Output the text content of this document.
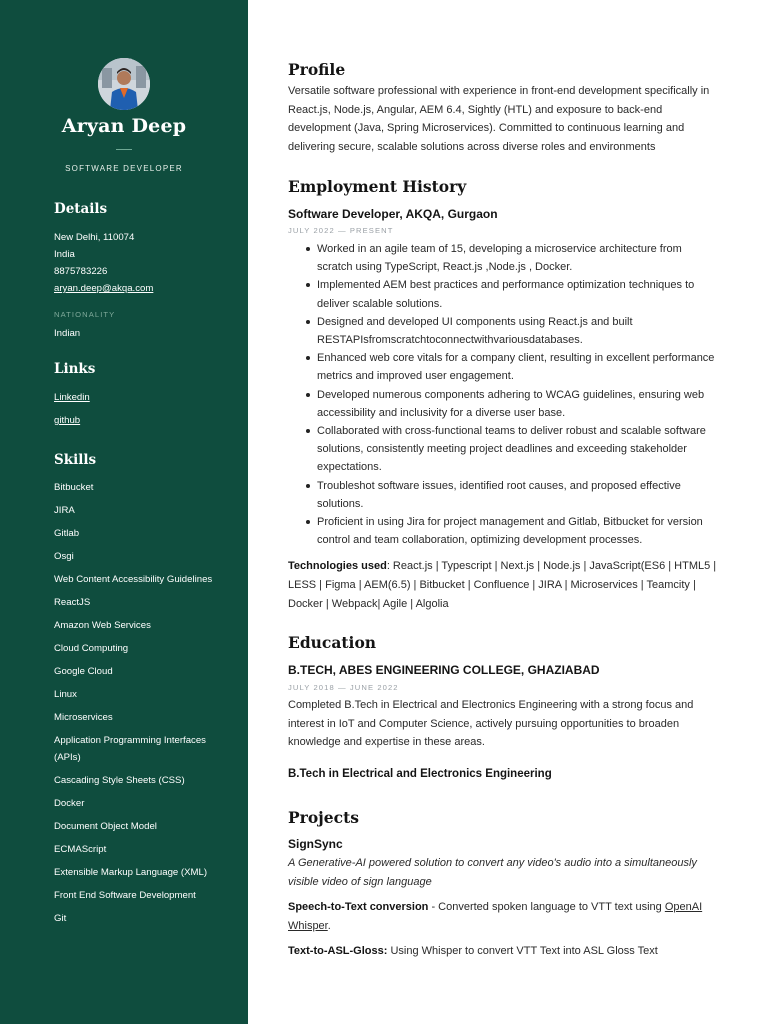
Aryan Deep
SOFTWARE DEVELOPER
Details
New Delhi, 110074
India
8875783226
aryan.deep@akqa.com
NATIONALITY
Indian
Links
Linkedin
github
Skills
Bitbucket
JIRA
Gitlab
Osgi
Web Content Accessibility Guidelines
ReactJS
Amazon Web Services
Cloud Computing
Google Cloud
Linux
Microservices
Application Programming Interfaces (APIs)
Cascading Style Sheets (CSS)
Docker
Document Object Model
ECMAScript
Extensible Markup Language (XML)
Front End Software Development
Git
Profile
Versatile software professional with experience in front-end development specifically in React.js, Node.js, Angular, AEM 6.4, Sightly (HTL) and exposure to back-end development (Java, Spring Microservices). Committed to continuous learning and delivering secure, scalable solutions across diverse roles and environments
Employment History
Software Developer, AKQA, Gurgaon
JULY 2022 — PRESENT
Worked in an agile team of 15, developing a microservice architecture from scratch using TypeScript, React.js ,Node.js , Docker.
Implemented AEM best practices and performance optimization techniques to deliver scalable solutions.
Designed and developed UI components using React.js and built RESTAPIsfromscratchtoconnectwithvariousdatabases.
Enhanced web core vitals for a company client, resulting in excellent performance metrics and improved user engagement.
Developed numerous components adhering to WCAG guidelines, ensuring web accessibility and inclusivity for a diverse user base.
Collaborated with cross-functional teams to deliver robust and scalable software solutions, consistently meeting project deadlines and exceeding stakeholder expectations.
Troubleshot software issues, identified root causes, and proposed effective solutions.
Proficient in using Jira for project management and Gitlab, Bitbucket for version control and team collaboration, optimizing development processes.
Technologies used: React.js | Typescript | Next.js | Node.js | JavaScript(ES6 | HTML5 | LESS | Figma | AEM(6.5) | Bitbucket | Confluence | JIRA | Microservices | Teamcity | Docker | Webpack| Agile | Algolia
Education
B.TECH, ABES ENGINEERING COLLEGE, GHAZIABAD
JULY 2018 — JUNE 2022
Completed B.Tech in Electrical and Electronics Engineering with a strong focus and interest in IoT and Computer Science, actively pursuing opportunities to broaden knowledge and expertise in these areas.
B.Tech in Electrical and Electronics Engineering
Projects
SignSync
A Generative-AI powered solution to convert any video's audio into a simultaneously visible video of sign language
Speech-to-Text conversion - Converted spoken language to VTT text using OpenAI Whisper.
Text-to-ASL-Gloss: Using Whisper to convert VTT Text into ASL Gloss Text
